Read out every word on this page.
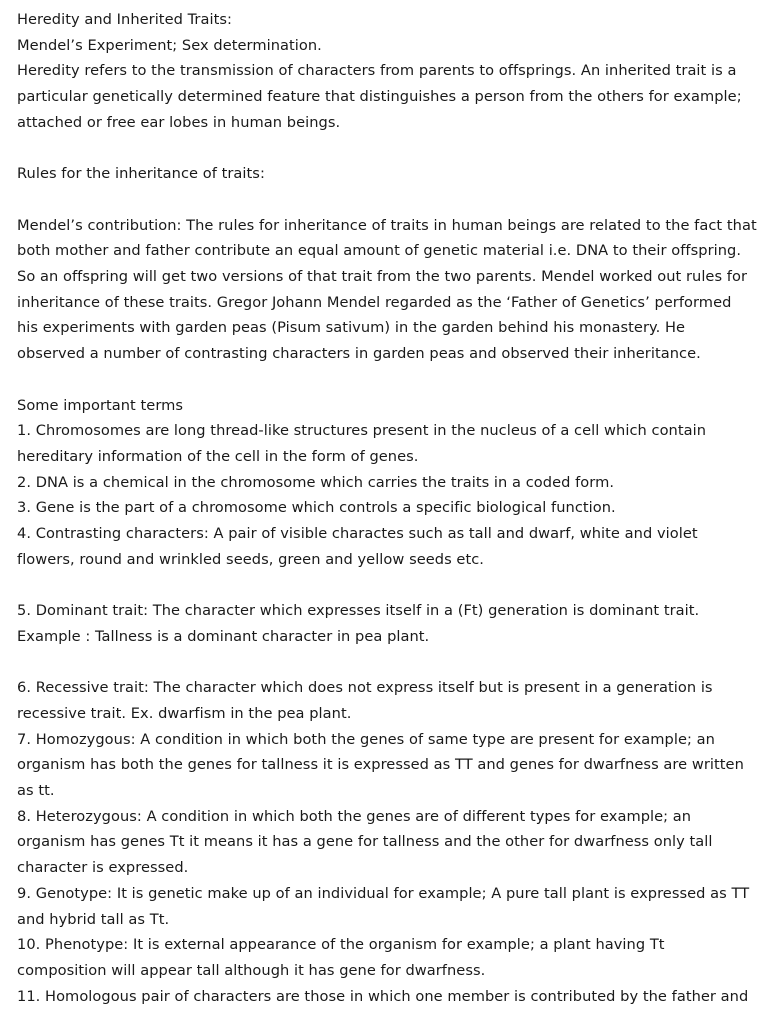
Heredity and Inherited Traits:

Mendel’s Experiment; Sex determination.

Heredity refers to the transmission of characters from parents to offsprings. An inherited trait is a particular genetically determined feature that distinguishes a person from the others for example; attached or free ear lobes in human beings.

Rules for the inheritance of traits:

Mendel’s contribution: The rules for inheritance of traits in human beings are related to the fact that both mother and father contribute an equal amount of genetic material i.e. DNA to their offspring. So an offspring will get two versions of that trait from the two parents. Mendel worked out rules for inheritance of these traits. Gregor Johann Mendel regarded as the ‘Father of Genetics’ performed his experiments with garden peas (Pisum sativum) in the garden behind his monastery. He observed a number of contrasting characters in garden peas and observed their inheritance.

Some important terms

1. Chromosomes are long thread-like structures present in the nucleus of a cell which contain hereditary information of the cell in the form of genes.

2. DNA is a chemical in the chromosome which carries the traits in a coded form.

3. Gene is the part of a chromosome which controls a specific biological function.

4. Contrasting characters: A pair of visible charactes such as tall and dwarf, white and violet flowers, round and wrinkled seeds, green and yellow seeds etc.

5. Dominant trait: The character which expresses itself in a (Ft) generation is dominant trait.

Example : Tallness is a dominant character in pea plant.

6. Recessive trait: The character which does not express itself but is present in a generation is recessive trait. Ex. dwarfism in the pea plant.

7. Homozygous: A condition in which both the genes of same type are present for example; an organism has both the genes for tallness it is expressed as TT and genes for dwarfness are written as tt.

8. Heterozygous: A condition in which both the genes are of different types for example; an organism has genes Tt it means it has a gene for tallness and the other for dwarfness only tall character is expressed.

9. Genotype: It is genetic make up of an individual for example; A pure tall plant is expressed as TT and hybrid tall as Tt.

10. Phenotype: It is external appearance of the organism for example; a plant having Tt composition will appear tall although it has gene for dwarfness.

11. Homologous pair of characters are those in which one member is contributed by the father and
